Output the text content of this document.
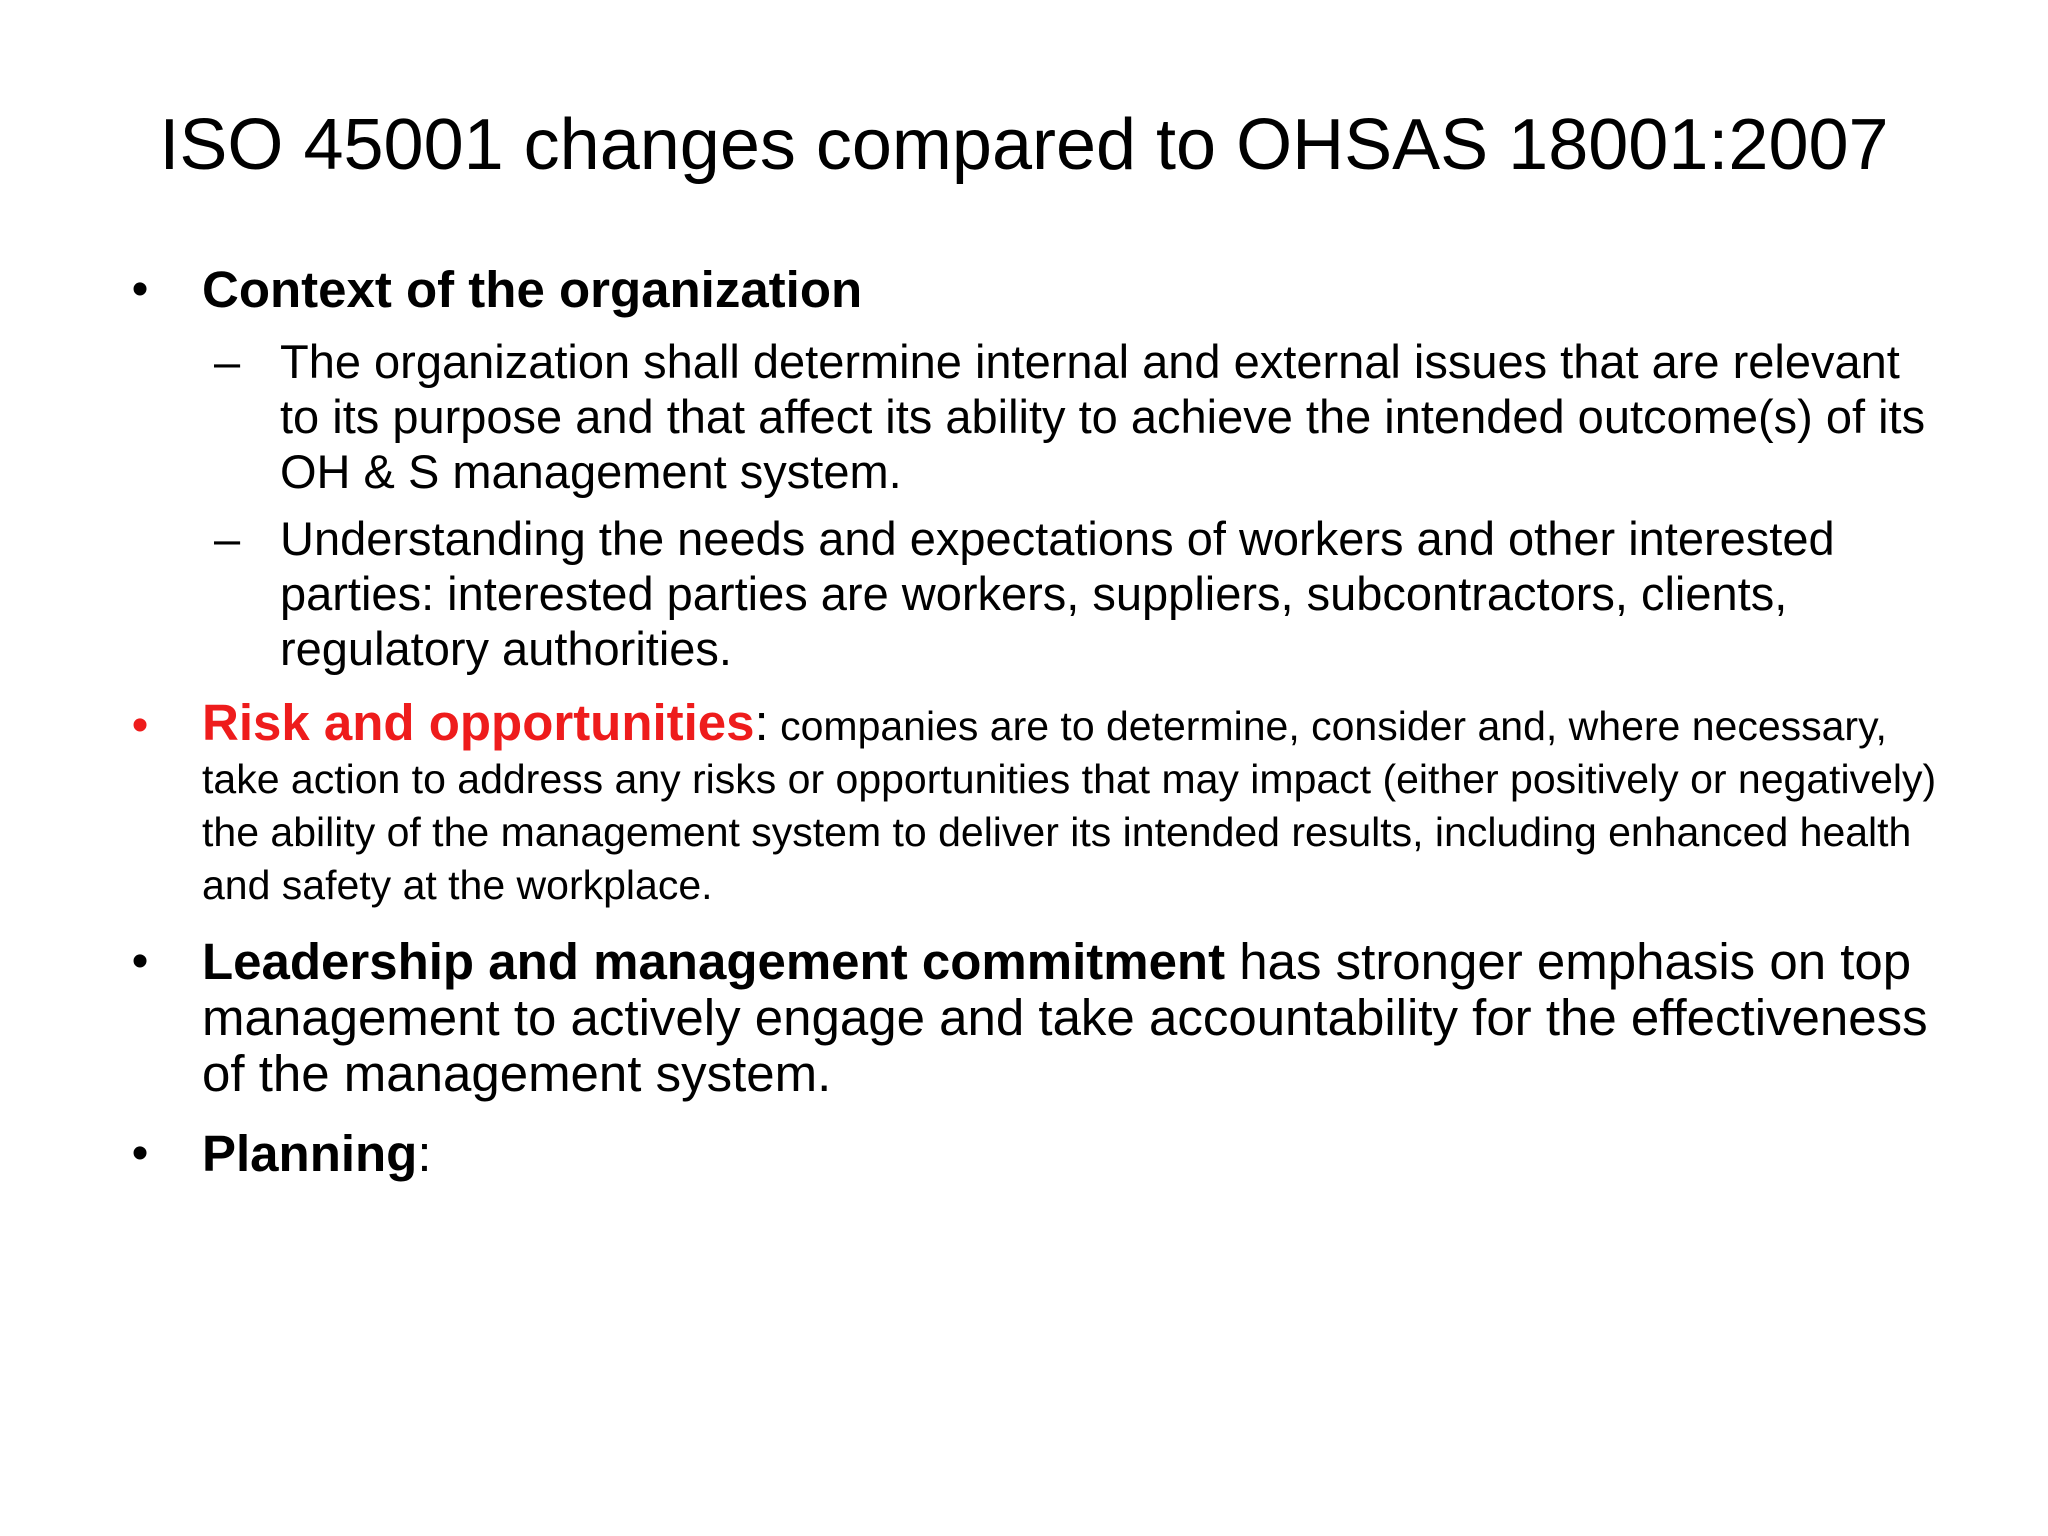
ISO 45001 changes compared to OHSAS 18001:2007
• Context of the organization
– The organization shall determine internal and external issues that are relevant to its purpose and that affect its ability to achieve the intended outcome(s) of its OH & S management system.
– Understanding the needs and expectations of workers and other interested parties: interested parties are workers, suppliers, subcontractors, clients, regulatory authorities.
• Risk and opportunities: companies are to determine, consider and, where necessary, take action to address any risks or opportunities that may impact (either positively or negatively) the ability of the management system to deliver its intended results, including enhanced health and safety at the workplace.
• Leadership and management commitment has stronger emphasis on top management to actively engage and take accountability for the effectiveness of the management system.
• Planning:
